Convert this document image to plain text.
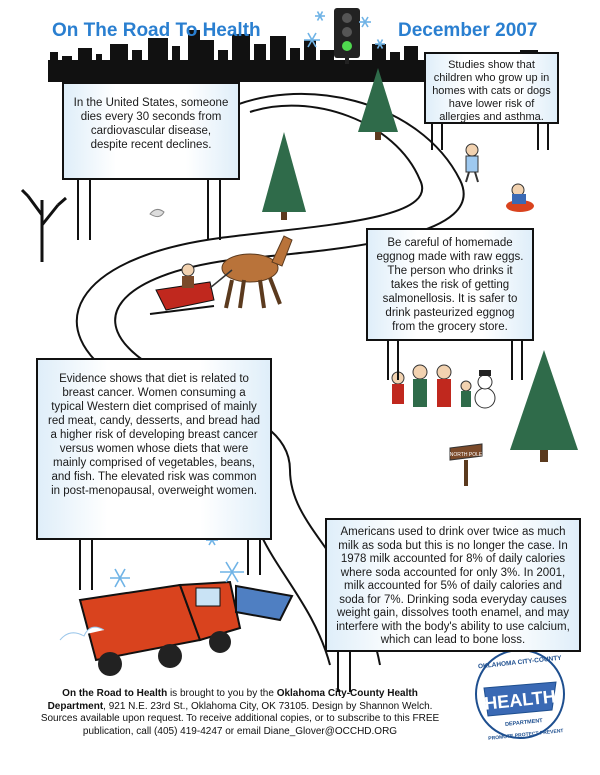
NORTH POLE
HEALTH
OKLAHOMA CITY-COUNTY
DEPARTMENT
PROMOTE PROTECT PREVENT
On The Road To Health	December 2007

In the United States, someone dies every 30 seconds from cardiovascular disease, despite recent declines.

Studies show that children who grow up in homes with cats or dogs have lower risk of allergies and asthma.

Be careful of homemade eggnog made with raw eggs. The person who drinks it takes the risk of getting salmonellosis. It is safer to drink pasteurized eggnog from the grocery store.

Evidence shows that diet is related to breast cancer. Women consuming a typical Western diet comprised of mainly red meat, candy, desserts, and bread had a higher risk of developing breast cancer versus women whose diets that were mainly comprised of vegetables, beans, and fish. The elevated risk was common in post-menopausal, overweight women.

Americans used to drink over twice as much milk as soda but this is no longer the case. In 1978 milk accounted for 8% of daily calories where soda accounted for only 3%. In 2001, milk accounted for 5% of daily calories and soda for 7%. Drinking soda everyday causes weight gain, dissolves tooth enamel, and may interfere with the body's ability to use calcium, which can lead to bone loss.

On the Road to Health is brought to you by the Oklahoma City-County Health Department, 921 N.E. 23rd St., Oklahoma City, OK 73105. Design by Shannon Welch. Sources available upon request. To receive additional copies, or to subscribe to this FREE publication, call (405) 419-4247 or email Diane_Glover@OCCHD.ORG
